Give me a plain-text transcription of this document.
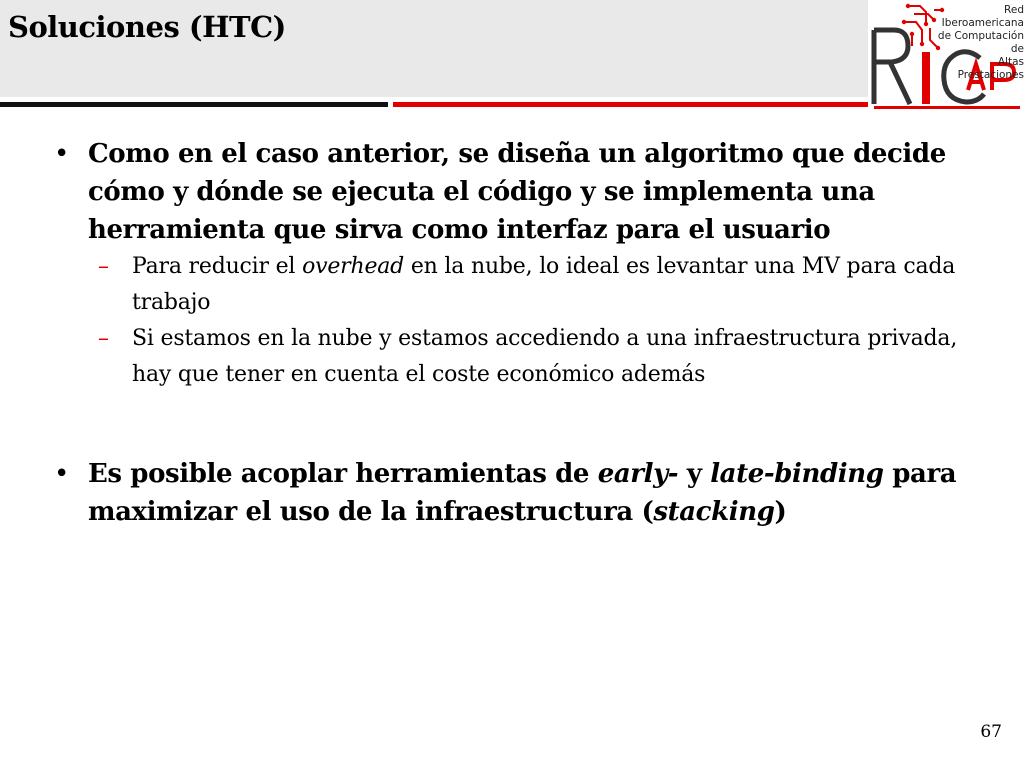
Soluciones (HTC)	Red Iberoamericana
de Computación de
Altas Prestaciones
• Como en el caso anterior, se diseña un algoritmo que decide cómo y dónde se ejecuta el código y se implementa una herramienta que sirva como interfaz para el usuario
– Para reducir el overhead en la nube, lo ideal es levantar una MV para cada trabajo
– Si estamos en la nube y estamos accediendo a una infraestructura privada, hay que tener en cuenta el coste económico además
• Es posible acoplar herramientas de early- y late-binding para maximizar el uso de la infraestructura (stacking)
67
